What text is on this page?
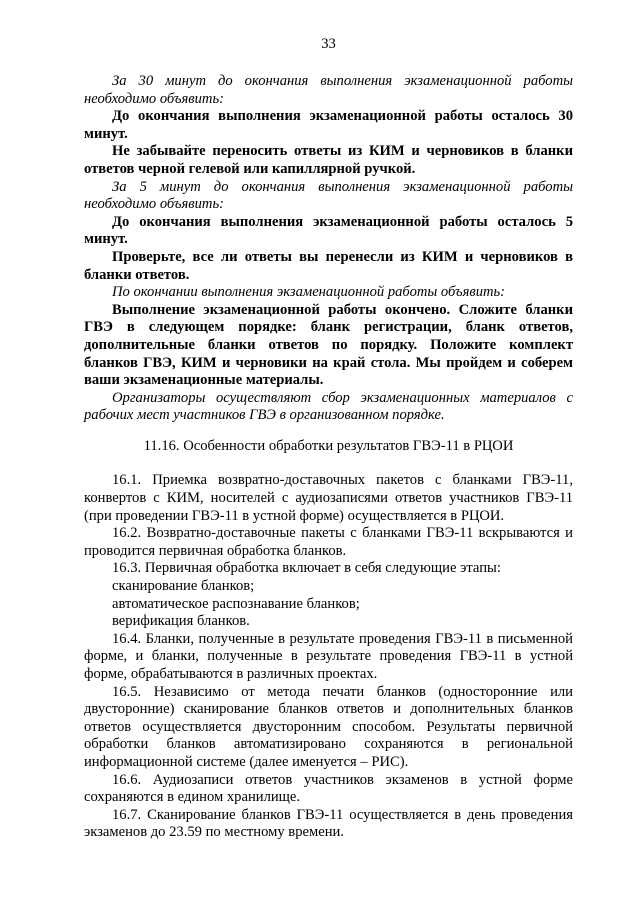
33

За 30 минут до окончания выполнения экзаменационной работы необходимо объявить:

До окончания выполнения экзаменационной работы осталось 30 минут.

Не забывайте переносить ответы из КИМ и черновиков в бланки ответов черной гелевой или капиллярной ручкой.

За 5 минут до окончания выполнения экзаменационной работы необходимо объявить:

До окончания выполнения экзаменационной работы осталось 5 минут.

Проверьте, все ли ответы вы перенесли из КИМ и черновиков в бланки ответов.

По окончании выполнения экзаменационной работы объявить:

Выполнение экзаменационной работы окончено. Сложите бланки ГВЭ в следующем порядке: бланк регистрации, бланк ответов, дополнительные бланки ответов по порядку. Положите комплект бланков ГВЭ, КИМ и черновики на край стола. Мы пройдем и соберем ваши экзаменационные материалы.

Организаторы осуществляют сбор экзаменационных материалов с рабочих мест участников ГВЭ в организованном порядке.

11.16. Особенности обработки результатов ГВЭ-11 в РЦОИ

16.1. Приемка возвратно-доставочных пакетов с бланками ГВЭ-11, конвертов с КИМ, носителей с аудиозаписями ответов участников ГВЭ-11 (при проведении ГВЭ-11 в устной форме) осуществляется в РЦОИ.

16.2. Возвратно-доставочные пакеты с бланками ГВЭ-11 вскрываются и проводится первичная обработка бланков.

16.3. Первичная обработка включает в себя следующие этапы:

сканирование бланков;

автоматическое распознавание бланков;

верификация бланков.

16.4. Бланки, полученные в результате проведения ГВЭ-11 в письменной форме, и бланки, полученные в результате проведения ГВЭ-11 в устной форме, обрабатываются в различных проектах.

16.5. Независимо от метода печати бланков (односторонние или двусторонние) сканирование бланков ответов и дополнительных бланков ответов осуществляется двусторонним способом. Результаты первичной обработки бланков автоматизировано сохраняются в региональной информационной системе (далее именуется – РИС).

16.6. Аудиозаписи ответов участников экзаменов в устной форме сохраняются в едином хранилище.

16.7. Сканирование бланков ГВЭ-11 осуществляется в день проведения экзаменов до 23.59 по местному времени.
